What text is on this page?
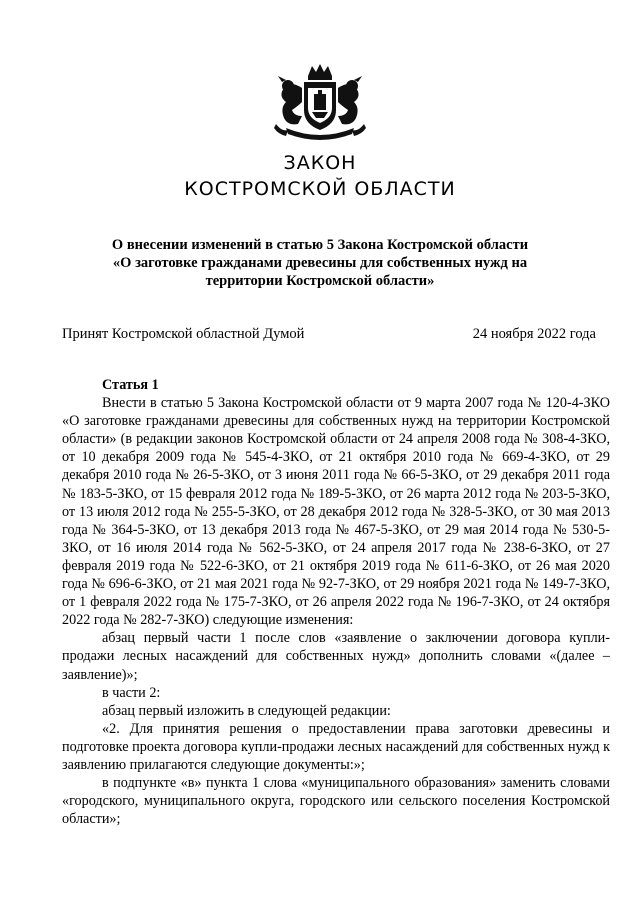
ЗАКОН
КОСТРОМСКОЙ ОБЛАСТИ
О внесении изменений в статью 5 Закона Костромской области
«О заготовке гражданами древесины для собственных нужд на
территории Костромской области»
Принят Костромской областной Думой	24 ноября 2022 года

Статья 1

Внести в статью 5 Закона Костромской области от 9 марта 2007 года № 120-4-ЗКО «О заготовке гражданами древесины для собственных нужд на территории Костромской области» (в редакции законов Костромской области от 24 апреля 2008 года № 308-4-ЗКО, от 10 декабря 2009 года № 545-4-ЗКО, от 21 октября 2010 года № 669-4-ЗКО, от 29 декабря 2010 года № 26-5-ЗКО, от 3 июня 2011 года № 66-5-ЗКО, от 29 декабря 2011 года № 183-5-ЗКО, от 15 февраля 2012 года № 189-5-ЗКО, от 26 марта 2012 года № 203-5-ЗКО, от 13 июля 2012 года № 255-5-ЗКО, от 28 декабря 2012 года № 328-5-ЗКО, от 30 мая 2013 года № 364-5-ЗКО, от 13 декабря 2013 года № 467-5-ЗКО, от 29 мая 2014 года № 530-5-ЗКО, от 16 июля 2014 года № 562-5-ЗКО, от 24 апреля 2017 года № 238-6-ЗКО, от 27 февраля 2019 года № 522-6-ЗКО, от 21 октября 2019 года № 611-6-ЗКО, от 26 мая 2020 года № 696-6-ЗКО, от 21 мая 2021 года № 92-7-ЗКО, от 29 ноября 2021 года № 149-7-ЗКО, от 1 февраля 2022 года № 175-7-ЗКО, от 26 апреля 2022 года № 196-7-ЗКО, от 24 октября 2022 года № 282-7-ЗКО) следующие изменения:

абзац первый части 1 после слов «заявление о заключении договора купли-продажи лесных насаждений для собственных нужд» дополнить словами «(далее – заявление)»;

в части 2:

абзац первый изложить в следующей редакции:

«2. Для принятия решения о предоставлении права заготовки древесины и подготовке проекта договора купли-продажи лесных насаждений для собственных нужд к заявлению прилагаются следующие документы:»;

в подпункте «в» пункта 1 слова «муниципального образования» заменить словами «городского, муниципального округа, городского или сельского поселения Костромской области»;
